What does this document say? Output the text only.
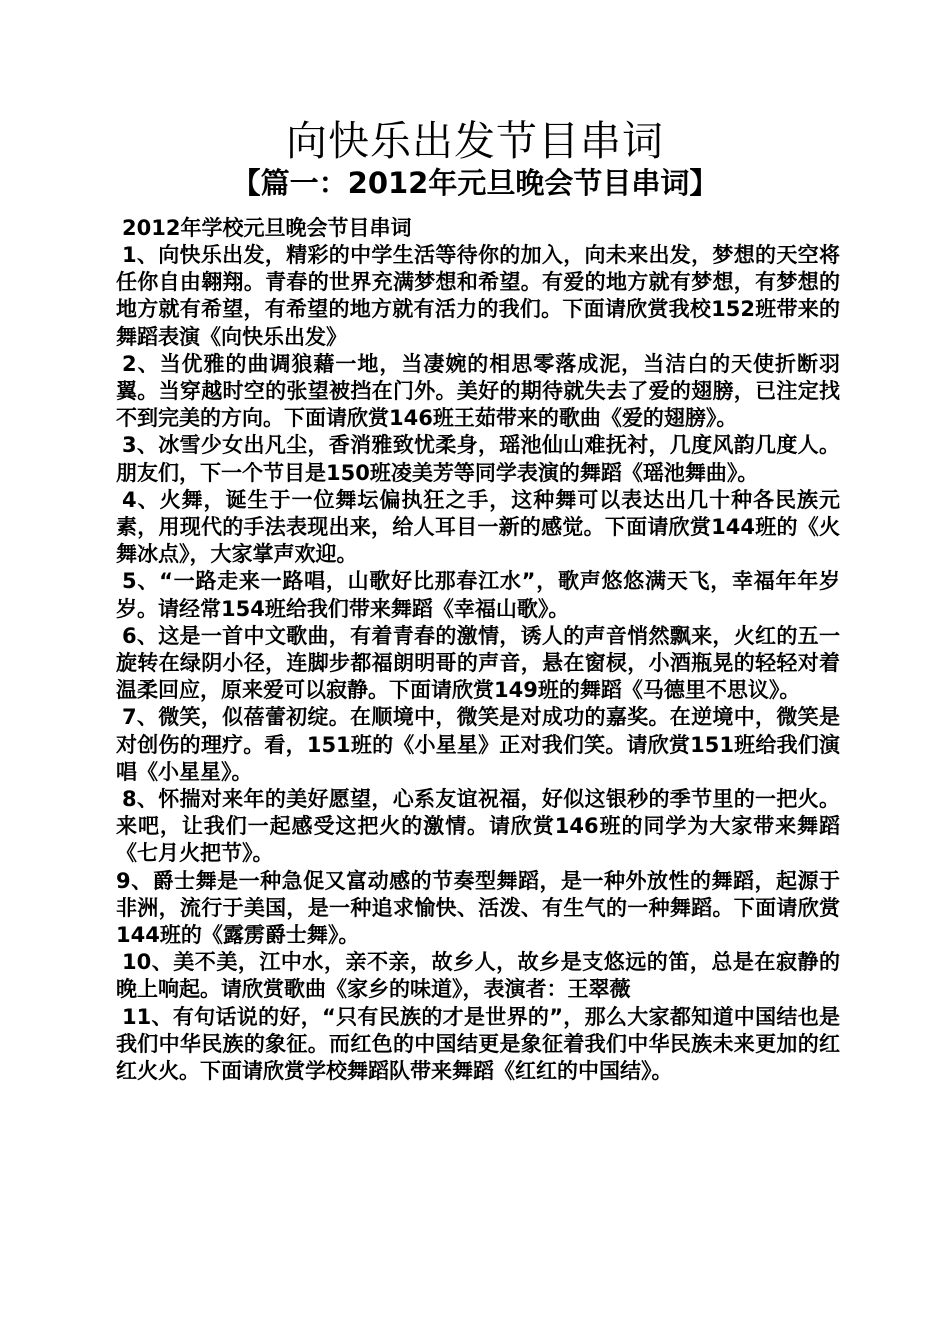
向快乐出发节目串词
【篇一：2012年元旦晚会节目串词】

2012年学校元旦晚会节目串词

1、向快乐出发，精彩的中学生活等待你的加入，向未来出发，梦想的天空将任你自由翱翔。青春的世界充满梦想和希望。有爱的地方就有梦想，有梦想的地方就有希望，有希望的地方就有活力的我们。下面请欣赏我校152班带来的舞蹈表演《向快乐出发》

2、当优雅的曲调狼藉一地，当凄婉的相思零落成泥，当洁白的天使折断羽翼。当穿越时空的张望被挡在门外。美好的期待就失去了爱的翅膀，已注定找不到完美的方向。下面请欣赏146班王茹带来的歌曲《爱的翅膀》。

3、冰雪少女出凡尘，香消雅致忧柔身，瑶池仙山难抚衬，几度风韵几度人。朋友们，下一个节目是150班凌美芳等同学表演的舞蹈《瑶池舞曲》。

4、火舞，诞生于一位舞坛偏执狂之手，这种舞可以表达出几十种各民族元素，用现代的手法表现出来，给人耳目一新的感觉。下面请欣赏144班的《火舞冰点》，大家掌声欢迎。

5、“一路走来一路唱，山歌好比那春江水”，歌声悠悠满天飞，幸福年年岁岁。请经常154班给我们带来舞蹈《幸福山歌》。

6、这是一首中文歌曲，有着青春的激情，诱人的声音悄然飘来，火红的五一旋转在绿阴小径，连脚步都福朗明哥的声音，悬在窗棂，小酒瓶晃的轻轻对着温柔回应，原来爱可以寂静。下面请欣赏149班的舞蹈《马德里不思议》。

7、微笑，似蓓蕾初绽。在顺境中，微笑是对成功的嘉奖。在逆境中，微笑是对创伤的理疗。看，151班的《小星星》正对我们笑。请欣赏151班给我们演唱《小星星》。

8、怀揣对来年的美好愿望，心系友谊祝福，好似这银秒的季节里的一把火。来吧，让我们一起感受这把火的激情。请欣赏146班的同学为大家带来舞蹈《七月火把节》。

9、爵士舞是一种急促又富动感的节奏型舞蹈，是一种外放性的舞蹈，起源于非洲，流行于美国，是一种追求愉快、活泼、有生气的一种舞蹈。下面请欣赏144班的《露雳爵士舞》。

10、美不美，江中水，亲不亲，故乡人，故乡是支悠远的笛，总是在寂静的晚上响起。请欣赏歌曲《家乡的味道》，表演者：王翠薇

11、有句话说的好，“只有民族的才是世界的”，那么大家都知道中国结也是我们中华民族的象征。而红色的中国结更是象征着我们中华民族未来更加的红红火火。下面请欣赏学校舞蹈队带来舞蹈《红红的中国结》。
